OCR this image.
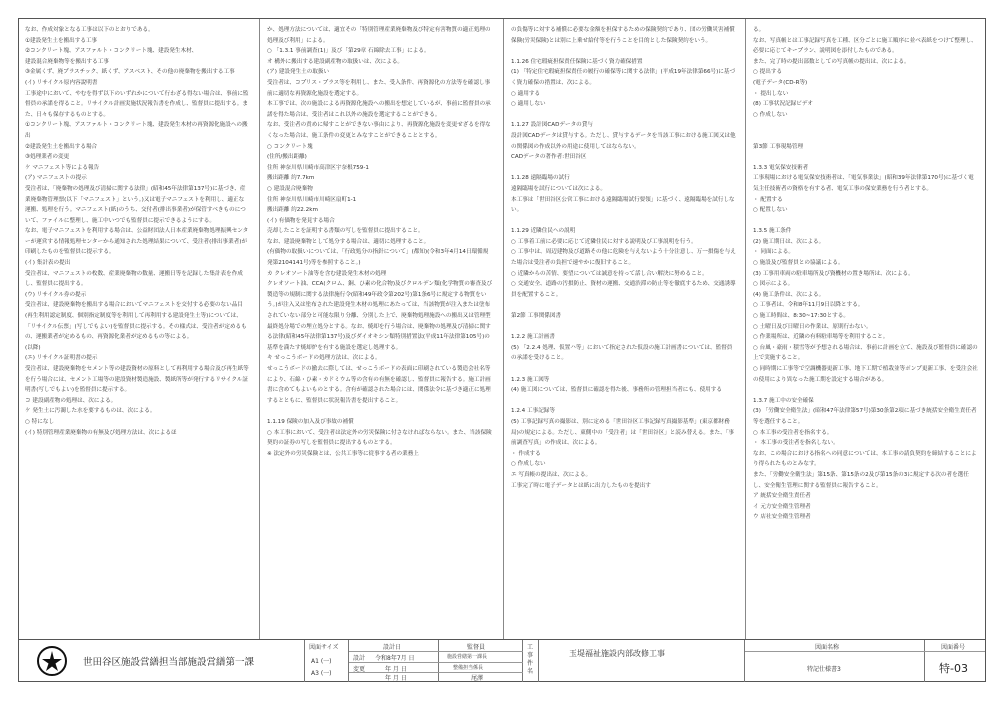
なお、作成対象となる工事は以下のとおりである。

①建設発生土を搬出する工事

②コンクリート塊、アスファルト・コンクリート塊、建設発生木材、

建設混合廃棄物等を搬出する工事

③金属くず、廃プラスチック、紙くず、アスベスト、その他の廃棄物を搬出する工事

(イ) リサイクル原内容說明書

工事途中において、やむを得ず以下のいずれかについて行わざる得ない場合は、事前に監督員の承諾を得ること。リサイクル計画実施状況報告書を作成し、監督員に提出する。また、日々も保存するものとする。

①コンクリート塊、アスファルト・コンクリート塊、建設発生木材の再資源化施設への搬出

②建設発生土を搬出する場合

③処理業者の変更

ケ マニフェスト等による報告

(ア) マニフェストの提示

受注者は、「廃棄物の処理及び清掃に関する法律」(昭和45年法律第137号)に基づき、産業廃棄物管理票(以下「マニフェスト」という。)又は電子マニフェストを利用し、適正な運搬、処理を行う。マニフェスト(紙)のうち、交付者(排出事業者)が保管すべきものについて、ファイルに整理し、施工中いつでも監督員に提示できるようにする。

なお、電子マニフェストを利用する場合は、公益財団法人日本産業廃棄物処理振興センターが運営する情報処理センターから通知された処理結果について、受注者(排出事業者)が印刷したものを監督員に提示する。

(イ) 集計表の提出

受注者は、マニフェストの枚数、産業廃棄物の数量、運搬日等を記録した集計表を作成し、監督員に提出する。

(ウ) リサイクル券の提示

受注者は、建設廃棄物を搬出する場合においてマニフェストを交付する必要のない品目(再生利用認定制度、個別指定制度等を利用して再利用する建設発生土等)については、「リサイクル伝票」(写しでもよい)を監督員に提示する。その様式は、受注者が定めるもの、運搬業者が定めるもの、再資源化業者が定めるもの等による。

(以降)

(エ) リサイクル証明書の提示

受注者は、建設廃棄物をセメント等の建設資材の原料として再利用する場合及び再生紙等を行う場合には、セメント工場等の建設資材製造施設、製紙所等が発行するリサイクル証明書(写しでもよい)を監督員に提示する。

コ 建設副産物の処理は、次による。

ケ 発生土に汚濁した水を要するものは、次による。

○ 特になし

(イ) 特別管理産業廃棄物の有無及び処理方法は、次によるほ

か、処理方法については、適宜その「特別管理産業廃棄物及び特定有害物質の適正処理の処理及び利用」による。

○ 「1.3.1 事前調査(1)」及び「第29章 石綿除去工事」による。

オ 構外に搬出する建設副産物の取扱いは、次による。

(ア) 建設発生土の取扱い

受注者は、コプリス・プラス等を利用し、また、受入条件、再資源化の方法等を確認し事前に適切な再資源化施設を選定する。

本工事では、次の施設による再資源化施設への搬出を想定しているが、事前に監督員の承諾を得た場合は、受注者はこれ以外の施設を選定することができる。

なお、受注者の責めに帰すことができない事由により、再資源化施設を変更せざるを得なくなった場合は、施工条件の変更とみなすことができることとする。

○ コンクリート塊

(住所/搬出距離)

住所 神奈川県川崎市高津区宇奈根759-1

搬出距離 約7.7km

○ 建設混合廃棄物

住所 神奈川県川崎市川崎区扇町1-1

搬出距離 約22.2km

(イ) 有価物を発見する場合

売却したことを証明する書類の写しを監督員に提出すること。

なお、建設廃棄物として処分する場合は、適切に処理すること。

(有価物の取扱いについては、「行政処分の指針について」(都知)(令和3年4月14日環循規発第2104141号)等を参照すること。)

カ クレオソート油等を含む建設発生木材の処理

クレオソート油、CCA(クロム、銅、ひ素の化合物)及びクロルデン類(化学物質の審査及び製造等の規制に関する法律施行令(昭和49年政令第202号)第1条6号に規定する物質をいう。)が注入又は塗布された建設発生木材の処理にあたっては、当該物質が注入または塗布されていない部分と可能な限り分離、分別した上で、廃棄物処理施設への搬出又は管理型最終処分場での埋立処分とする。なお、焼却を行う場合は、廃棄物の処理及び清掃に関する法律(昭和45年法律第137号)及びダイオキシン類特別措置法(平成11年法律第105号)の基準を満たす焼却炉を有する施設を選定し処理する。

キ せっこうボードの処理方法は、次による。

せっこうボードの撤去に際しては、せっこうボードの表面に印刷されている製造会社名等により、石綿・ひ素・カドミウム等の含有の有無を確認し、監督員に報告する。施工計画書に含めてもよいものとする。含有が確認された場合には、関係法令に基づき適正に処理するとともに、監督員に状況報告書を提出すること。

1.1.19 保険の加入及び事故の補償

○ 本工事において、受注者は法定外の労災保険に付さなければならない。また、当該保険契約の証券の写しを監督員に提出するものとする。

※ 法定外の労災保険とは、公共工事等に従事する者の業務上

の負傷等に対する補償に必要な金額を担保するための保険契約であり、団の労働災害補償保険(労災保険)とは別に上乗せ給付等を行うことを目的とした保険契約をいう。

1.1.26 住宅瑕疵担保責任保険に基づく資力確保措置

(1) 「特定住宅瑕疵担保責任の履行の確保等に関する法律」(平成19年法律第66号)に基づく資力確保の措置は、次による。

○ 適用する

○ 適用しない

1.1.27 設計図CADデータの貸与

設計図CADデータは貸与する。ただし、貸与するデータを当該工事における施工図又は他の関係図の作成以外の用途に使用してはならない。

CADデータの著作者:世田谷区

1.1.28 遠隔臨場の試行

遠隔臨場を試行については次による。

本工事は「世田谷区公営工事における遠隔臨場試行要領」に基づく、遠隔臨場を試行しない。

1.1.29 近隣住民への説明

○ 工事着工前に必要に応じて近隣住民に対する説明及び工事説明を行う。

○ 工事中は、周辺建物及び道路その他に危険を与えないよう十分注意し、万一損傷を与えた場合は受注者の負担で速やかに復旧すること。

○ 近隣からの苦情、要望については誠意を持って話し合い解決に努めること。

○ 交通安全、道路の汚損防止、資材の運搬、交通渋滞の防止等を徹底するため、交通誘導員を配置すること。

第2節 工事関係図書

1.2.2 施工計画書

(5) 「2.2.4 処理、仮置ハ等」において指定された仮設の施工計画書については、監督員の承諾を受けること。

1.2.3 施工図等

(4) 施工図については、監督員に確認を得た後、事務所の管理担当者にも、使用する

1.2.4 工事記録等

(5) 工事記録写真の撮影は、別に定める「世田谷区工事記録写真撮影基準」(東京都財務局)の規定による。ただし、東側中の「受注者」は「世田谷区」と読み替える。また、「事前調査写真」の作成は、次による。

・ 作成する

○ 作成しない

エ 写真帳の提出は、次による。

工事完了時に電子データとは紙に出力したものを提出す

る。

なお、写真帳とは工事記録写真を工種、区分ごとに施工順序に並べ表紙をつけて整理し、必要に応じてキープラン、説明図を添付したものである。

また、完了時の提出部数としての写真帳の提出は、次による。

○ 提出する

(電子データ(CD-R等)

・ 提出しない

(8) 工事状況記録ビデオ

○ 作成しない

第3節 工事現場管理

1.3.3 電気保安技術者

工事現場における電気保安技術者は、「電気事業法」(昭和39年法律第170号)に基づく電気主任技術者の資格を有する者、電気工事の保安業務を行う者とする。

・ 配置する

○ 配置しない

1.3.5 施工条件

(2) 施工期日は、次による。

・ 同面による。

○ 施設及び監督員との協議による。

(3) 工事用車両の駐車場所及び資機材の置き場所は、次による。

○ 図示による。

(4) 施工条件は、次による。

○ 工事者は、令和8年11月9日以降とする。

○ 施工時間は、8:30~17:30とする。

○ 土曜日及び日曜日の作業は、原則行わない。

○ 作業場所は、近隣の有料駐車場等を利用すること。

○ 台風・豪雨・積雪等が予想される場合は、事前に計画を立て、施設及び監督員に確認の上で実施すること。

○ 同時期に工事等で空調機器更新工事、地下工期で植栽並等ポンプ更新工事、を受注会社の使用により異なった施工期を設定する場合がある。

1.3.7 施工中の安全確保

(3) 「労働安全衛生法」(昭和47年法律第57号)第30条第2項に基づき統括安全衛生責任者等を選任すること。

○ 本工事の受注者を指名する。

・ 本工事の受注者を指名しない。

なお、この場合における指名への同意については、本工事の請負契約を締結することにより得られたものとみなす。

また、「労働安全衛生法」第15条、第15条の2及び第15条の3に規定する次の者を選任し、安全衛生管理に関する監督員に報告すること。

ア 統括安全衛生責任者

イ 元方安全衛生管理者

ウ 店社安全衛生管理者

世田谷区施設営繕担当部施設営繕第一課
図面サイズ
A1 (一)
A3 (一)
設計日
設計 令和8年7月 日
変更	年 月 日
年 月 日
監督員
施設営繕第一課長
整備担当係長
尾澤
工事件名
玉堤福祉施設内部改修工事
図面名称
特記仕様書3
図面番号
特-03
